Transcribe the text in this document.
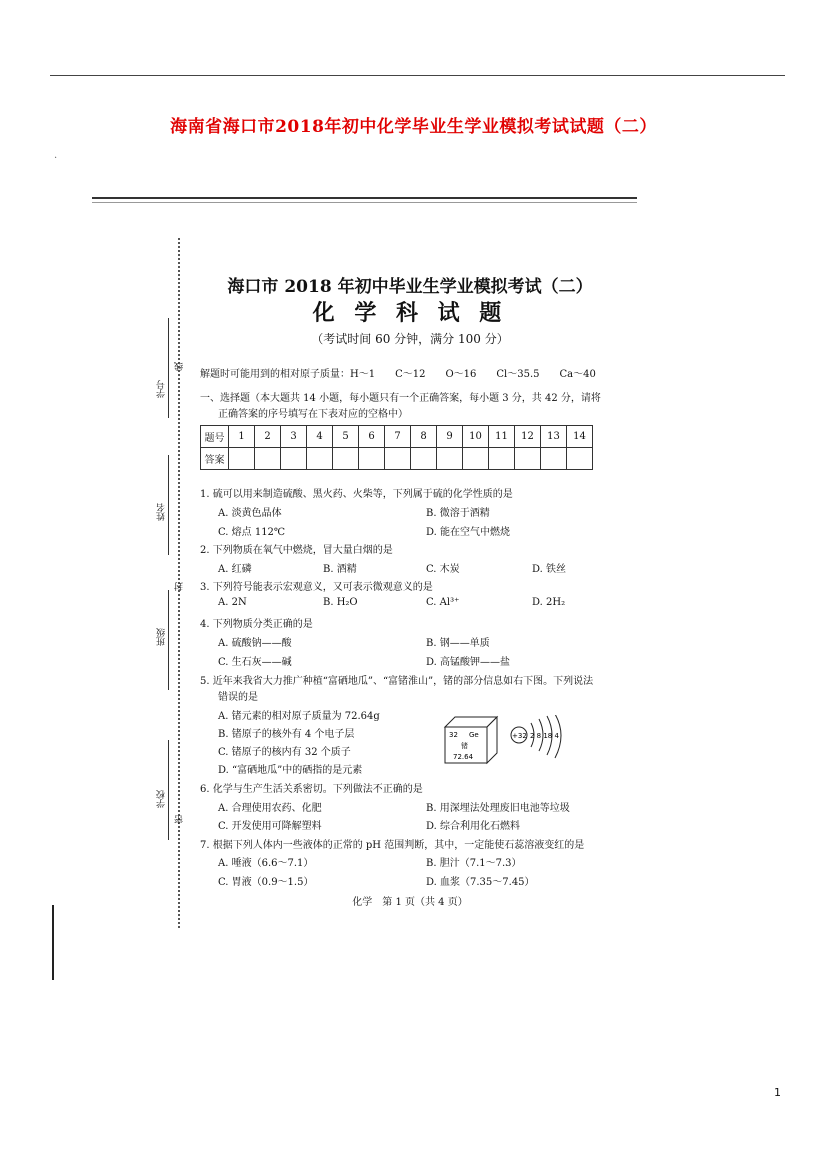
海南省海口市2018年初中化学毕业生学业模拟考试试题（二）
.
线
学号
姓名
封
班级
学校
密
海口市 2018 年初中毕业生学业模拟考试（二）
化 学 科 试 题
（考试时间 60 分钟，满分 100 分）
解题时可能用到的相对原子质量：H～1　　C～12　　O～16　　Cl～35.5　　Ca～40
一、选择题（本大题共 14 小题，每小题只有一个正确答案，每小题 3 分，共 42 分，请将
正确答案的序号填写在下表对应的空格中）
题号	1	2	3	4	5	6	7	8	9	10	11	12	13	14
答案														
1. 硫可以用来制造硫酸、黑火药、火柴等，下列属于硫的化学性质的是
A. 淡黄色晶体	B. 微溶于酒精
C. 熔点 112℃	D. 能在空气中燃烧
2. 下列物质在氧气中燃烧，冒大量白烟的是
A. 红磷	B. 酒精	C. 木炭	D. 铁丝
3. 下列符号能表示宏观意义，又可表示微观意义的是
A. 2N	B. H₂O	C. Al³⁺	D. 2H₂
4. 下列物质分类正确的是
A. 硫酸钠——酸	B. 钢——单质
C. 生石灰——碱	D. 高锰酸钾——盐
5. 近年来我省大力推广种植“富硒地瓜”、“富锗淮山”，锗的部分信息如右下图。下列说法
错误的是
A. 锗元素的相对原子质量为 72.64g
B. 锗原子的核外有 4 个电子层
C. 锗原子的核内有 32 个质子
D. “富硒地瓜”中的硒指的是元素
32 Ge
锗
72.64
+32 2 8 18 4
6. 化学与生产生活关系密切。下列做法不正确的是
A. 合理使用农药、化肥	B. 用深埋法处理废旧电池等垃圾
C. 开发使用可降解塑料	D. 综合利用化石燃料
7. 根据下列人体内一些液体的正常的 pH 范围判断，其中，一定能使石蕊溶液变红的是
A. 唾液（6.6～7.1）	B. 胆汁（7.1～7.3）
C. 胃液（0.9～1.5）	D. 血浆（7.35～7.45）
化学　第 1 页（共 4 页）
1
